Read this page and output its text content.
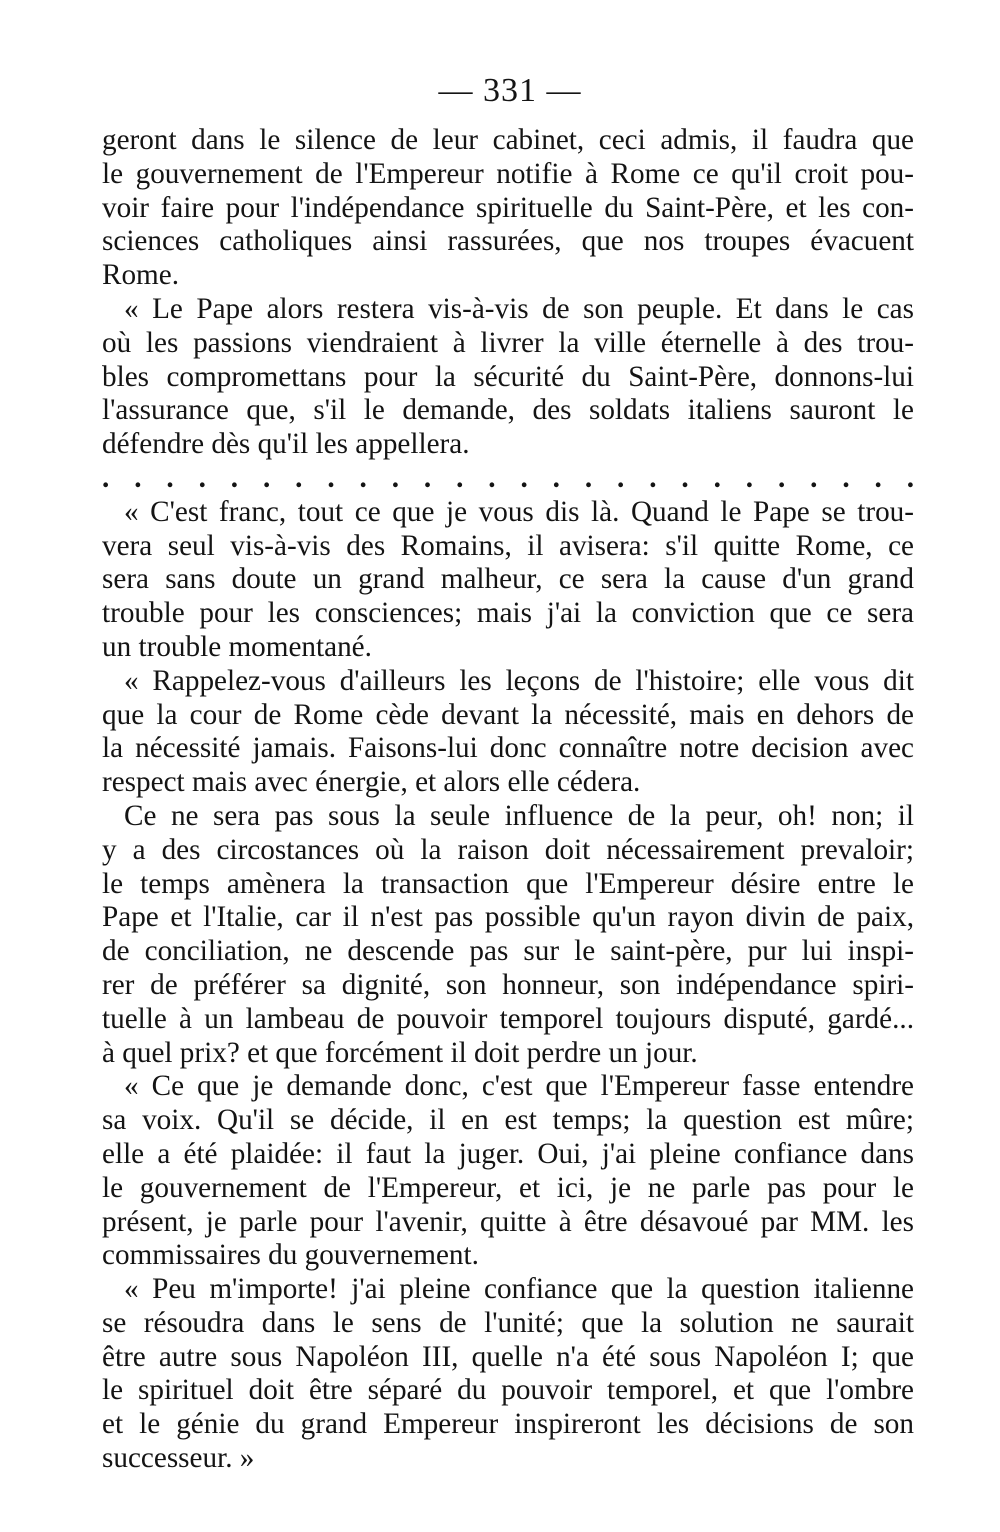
— 331 —
geront dans le silence de leur cabinet, ceci admis, il faudra que
le gouvernement de l'Empereur notifie à Rome ce qu'il croit pou-
voir faire pour l'indépendance spirituelle du Saint-Père, et les con-
sciences catholiques ainsi rassurées, que nos troupes évacuent
Rome.
« Le Pape alors restera vis-à-vis de son peuple. Et dans le cas
où les passions viendraient à livrer la ville éternelle à des trou-
bles compromettans pour la sécurité du Saint-Père, donnons-lui
l'assurance que, s'il le demande, des soldats italiens sauront le
défendre dès qu'il les appellera.
. . . . . . . . . . . . . . . . . . . . . . . . . .
« C'est franc, tout ce que je vous dis là. Quand le Pape se trou-
vera seul vis-à-vis des Romains, il avisera: s'il quitte Rome, ce
sera sans doute un grand malheur, ce sera la cause d'un grand
trouble pour les consciences; mais j'ai la conviction que ce sera
un trouble momentané.
« Rappelez-vous d'ailleurs les leçons de l'histoire; elle vous dit
que la cour de Rome cède devant la nécessité, mais en dehors de
la nécessité jamais. Faisons-lui donc connaître notre decision avec
respect mais avec énergie, et alors elle cédera.
Ce ne sera pas sous la seule influence de la peur, oh! non; il
y a des circostances où la raison doit nécessairement prevaloir;
le temps amènera la transaction que l'Empereur désire entre le
Pape et l'Italie, car il n'est pas possible qu'un rayon divin de paix,
de conciliation, ne descende pas sur le saint-père, pur lui inspi-
rer de préférer sa dignité, son honneur, son indépendance spiri-
tuelle à un lambeau de pouvoir temporel toujours disputé, gardé...
à quel prix? et que forcément il doit perdre un jour.
« Ce que je demande donc, c'est que l'Empereur fasse entendre
sa voix. Qu'il se décide, il en est temps; la question est mûre;
elle a été plaidée: il faut la juger. Oui, j'ai pleine confiance dans
le gouvernement de l'Empereur, et ici, je ne parle pas pour le
présent, je parle pour l'avenir, quitte à être désavoué par MM. les
commissaires du gouvernement.
« Peu m'importe! j'ai pleine confiance que la question italienne
se résoudra dans le sens de l'unité; que la solution ne saurait
être autre sous Napoléon III, quelle n'a été sous Napoléon I; que
le spirituel doit être séparé du pouvoir temporel, et que l'ombre
et le génie du grand Empereur inspireront les décisions de son
successeur. »
